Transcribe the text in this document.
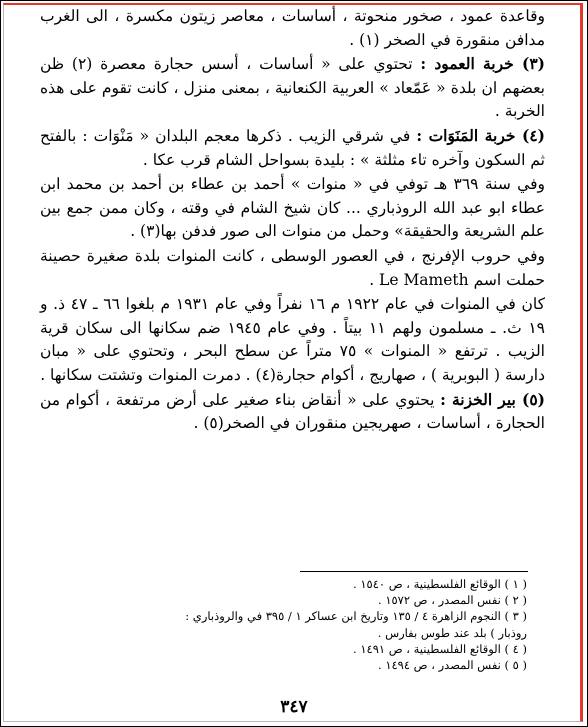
وقاعدة عمود ، صخور منحوتة ، أساسات ، معاصر زيتون مكسرة ، الى الغرب مدافن منقورة في الصخر (١) .

(٣) خربة العمود : تحتوي على « أساسات ، أسس حجارة معصرة (٢) ظن بعضهم ان بلدة « عَمّعاد » العربية الكنعانية ، بمعنى منزل ، كانت تقوم على هذه الخربة .

(٤) خربة المَنَوَات : في شرقي الزيب . ذكرها معجم البلدان « مَنْوَات : بالفتح ثم السكون وآخره تاء مثلثة » : بليدة بسواحل الشام قرب عكا .

وفي سنة ٣٦٩ هـ توفي في « منوات » أحمد بن عطاء بن أحمد بن محمد ابن عطاء ابو عبد الله الروذباري ... كان شيخ الشام في وقته ، وكان ممن جمع بين علم الشريعة والحقيقة» وحمل من منوات الى صور فدفن بها(٣) .

وفي حروب الإفرنج ، في العصور الوسطى ، كانت المنوات بلدة صغيرة حصينة حملت اسم Le Mameth .

كان في المنوات في عام ١٩٢٢ م ١٦ نفراً وفي عام ١٩٣١ م بلغوا ٦٦ ـ ٤٧ ذ. و ١٩ ث. ـ مسلمون ولهم ١١ بيتاً . وفي عام ١٩٤٥ ضم سكانها الى سكان قرية الزيب . ترتفع « المنوات » ٧٥ متراً عن سطح البحر ، وتحتوي على « مبان دارسة ( البوبرية ) ، صهاريج ، أكوام حجارة(٤) . دمرت المنوات وتشتت سكانها .

(٥) بير الخزنة : يحتوي على « أنقاض بناء صغير على أرض مرتفعة ، أكوام من الحجارة ، أساسات ، صهريجين منقوران في الصخر(٥) .

( ١ ) الوقائع الفلسطينية ، ص ١٥٤٠ .
( ٢ ) نفس المصدر ، ص ١٥٧٢ .
( ٣ ) النجوم الزاهرة ٤ / ١٣٥ وتاريخ ابن عساكر ١ / ٣٩٥ في والروذباري :
روذبار ) بلد عند طوس بفارس .
( ٤ ) الوقائع الفلسطينية ، ص ١٤٩١ .
( ٥ ) نفس المصدر ، ص ١٤٩٤ .
٣٤٧
